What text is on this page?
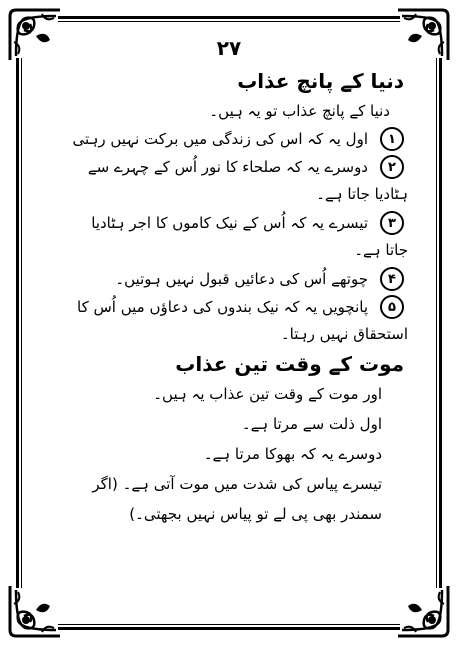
۲۷
دنیا کے پانچ عذاب
دنیا کے پانچ عذاب تو یہ ہیں۔
۱
اول یہ کہ اس کی زندگی میں برکت نہیں رہتی
۲
دوسرے یہ کہ صلحاء کا نور اُس کے چہرے سے
ہٹادیا جاتا ہے۔
۳
تیسرے یہ کہ اُس کے نیک کاموں کا اجر ہٹادیا
جاتا ہے۔
۴
چوتھے اُس کی دعائیں قبول نہیں ہوتیں۔
۵
پانچویں یہ کہ نیک بندوں کی دعاؤں میں اُس کا
استحقاق نہیں رہتا۔
موت کے وقت تین عذاب
اور موت کے وقت تین عذاب یہ ہیں۔
اول ذلت سے مرتا ہے۔
دوسرے یہ کہ بھوکا مرتا ہے۔
تیسرے پیاس کی شدت میں موت آتی ہے۔ (اگر
سمندر بھی پی لے تو پیاس نہیں بجھتی۔)
